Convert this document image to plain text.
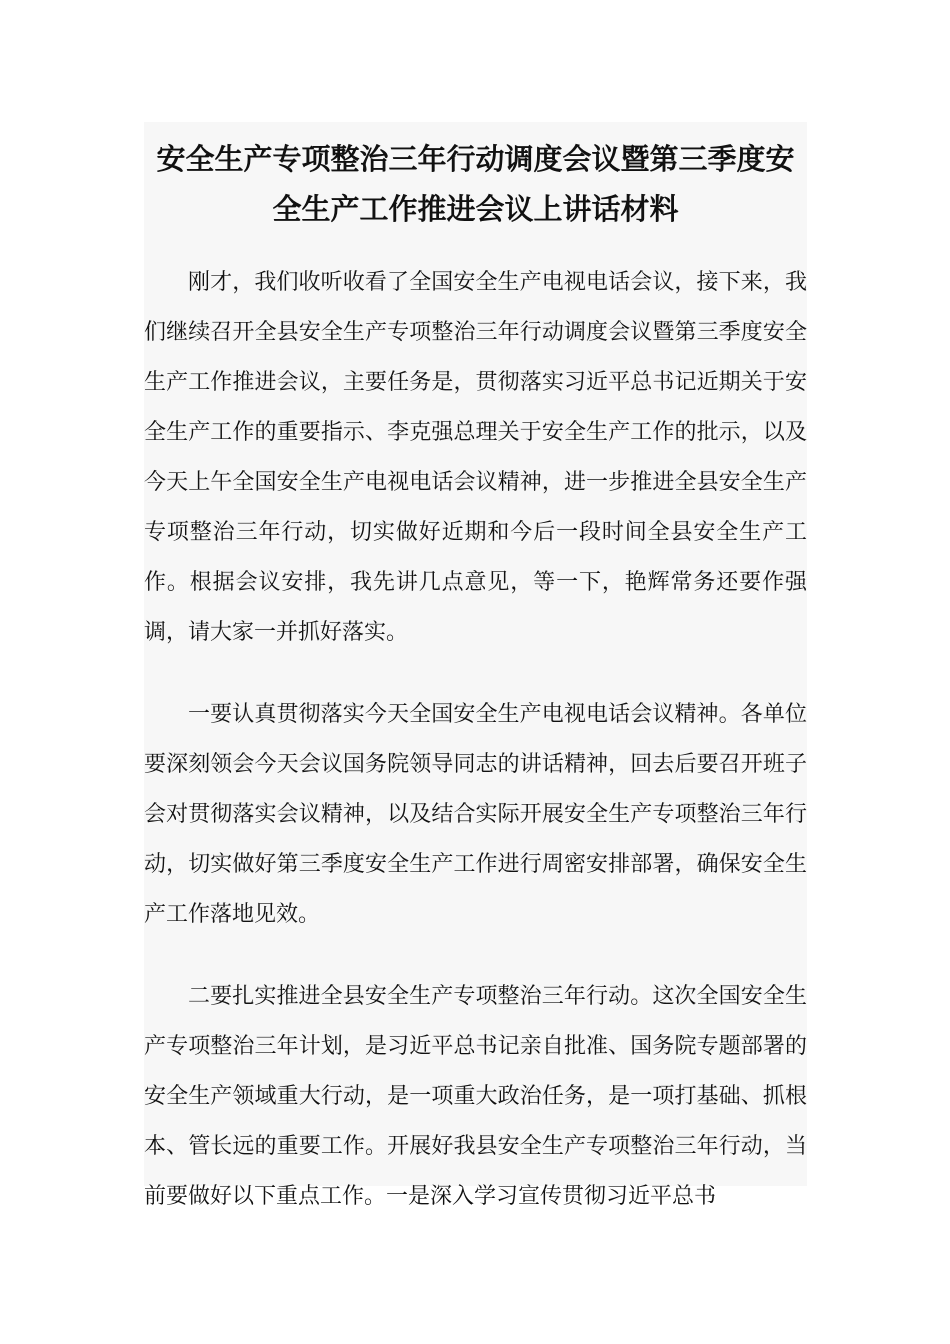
安全生产专项整治三年行动调度会议暨第三季度安全生产工作推进会议上讲话材料

刚才，我们收听收看了全国安全生产电视电话会议，接下来，我们继续召开全县安全生产专项整治三年行动调度会议暨第三季度安全生产工作推进会议，主要任务是，贯彻落实习近平总书记近期关于安全生产工作的重要指示、李克强总理关于安全生产工作的批示，以及今天上午全国安全生产电视电话会议精神，进一步推进全县安全生产专项整治三年行动，切实做好近期和今后一段时间全县安全生产工作。根据会议安排，我先讲几点意见，等一下，艳辉常务还要作强调，请大家一并抓好落实。

一要认真贯彻落实今天全国安全生产电视电话会议精神。各单位要深刻领会今天会议国务院领导同志的讲话精神，回去后要召开班子会对贯彻落实会议精神，以及结合实际开展安全生产专项整治三年行动，切实做好第三季度安全生产工作进行周密安排部署，确保安全生产工作落地见效。

二要扎实推进全县安全生产专项整治三年行动。这次全国安全生产专项整治三年计划，是习近平总书记亲自批准、国务院专题部署的安全生产领域重大行动，是一项重大政治任务，是一项打基础、抓根本、管长远的重要工作。开展好我县安全生产专项整治三年行动，当前要做好以下重点工作。一是深入学习宣传贯彻习近平总书
